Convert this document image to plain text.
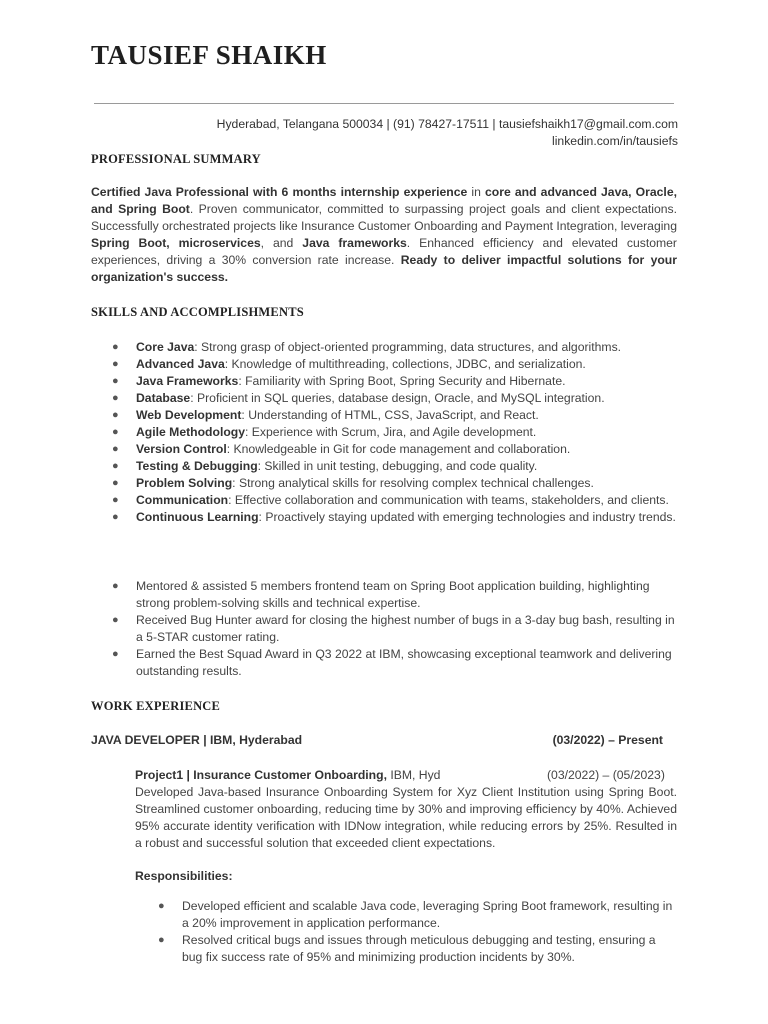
TAUSIEF SHAIKH
Hyderabad, Telangana 500034 | (91) 78427-17511 | tausiefshaikh17@gmail.com.com
linkedin.com/in/tausiefs
PROFESSIONAL SUMMARY
Certified Java Professional with 6 months internship experience in core and advanced Java, Oracle, and Spring Boot. Proven communicator, committed to surpassing project goals and client expectations. Successfully orchestrated projects like Insurance Customer Onboarding and Payment Integration, leveraging Spring Boot, microservices, and Java frameworks. Enhanced efficiency and elevated customer experiences, driving a 30% conversion rate increase. Ready to deliver impactful solutions for your organization's success.
SKILLS AND ACCOMPLISHMENTS
● Core Java: Strong grasp of object-oriented programming, data structures, and algorithms.
● Advanced Java: Knowledge of multithreading, collections, JDBC, and serialization.
● Java Frameworks: Familiarity with Spring Boot, Spring Security and Hibernate.
● Database: Proficient in SQL queries, database design, Oracle, and MySQL integration.
● Web Development: Understanding of HTML, CSS, JavaScript, and React.
● Agile Methodology: Experience with Scrum, Jira, and Agile development.
● Version Control: Knowledgeable in Git for code management and collaboration.
● Testing & Debugging: Skilled in unit testing, debugging, and code quality.
● Problem Solving: Strong analytical skills for resolving complex technical challenges.
● Communication: Effective collaboration and communication with teams, stakeholders, and clients.
● Continuous Learning: Proactively staying updated with emerging technologies and industry trends.
● Mentored & assisted 5 members frontend team on Spring Boot application building, highlighting strong problem-solving skills and technical expertise.
● Received Bug Hunter award for closing the highest number of bugs in a 3-day bug bash, resulting in a 5-STAR customer rating.
● Earned the Best Squad Award in Q3 2022 at IBM, showcasing exceptional teamwork and delivering outstanding results.
WORK EXPERIENCE
JAVA DEVELOPER | IBM, Hyderabad	(03/2022) – Present
Project1 | Insurance Customer Onboarding, IBM, Hyd	(03/2022) – (05/2023)
Developed Java-based Insurance Onboarding System for Xyz Client Institution using Spring Boot. Streamlined customer onboarding, reducing time by 30% and improving efficiency by 40%. Achieved 95% accurate identity verification with IDNow integration, while reducing errors by 25%. Resulted in a robust and successful solution that exceeded client expectations.
Responsibilities:
● Developed efficient and scalable Java code, leveraging Spring Boot framework, resulting in a 20% improvement in application performance.
● Resolved critical bugs and issues through meticulous debugging and testing, ensuring a bug fix success rate of 95% and minimizing production incidents by 30%.
